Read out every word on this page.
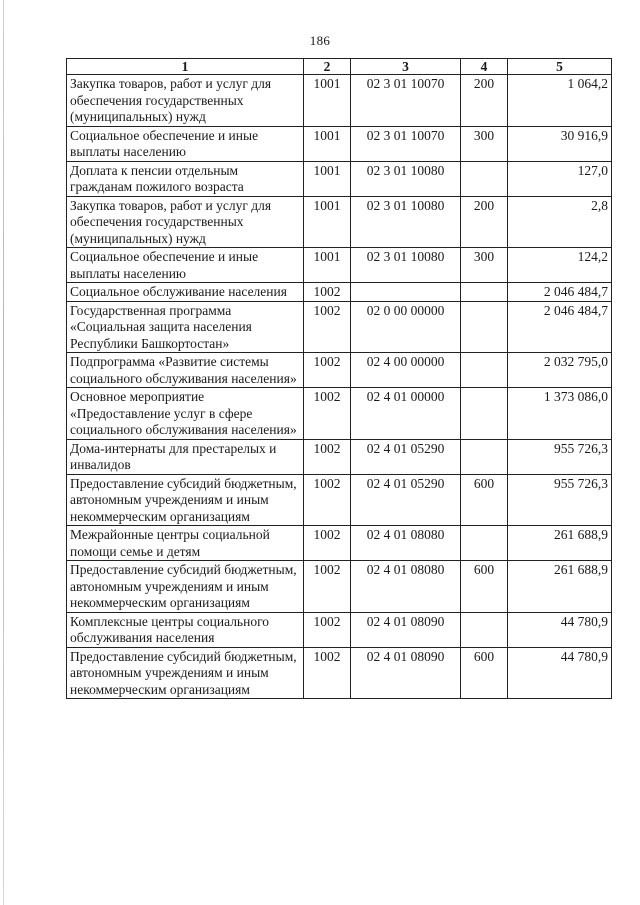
186
1	2	3	4	5
Закупка товаров, работ и услуг для обеспечения государственных (муниципальных) нужд	1001	02 3 01 10070	200	1 064,2
Социальное обеспечение и иные выплаты населению	1001	02 3 01 10070	300	30 916,9
Доплата к пенсии отдельным гражданам пожилого возраста	1001	02 3 01 10080		127,0
Закупка товаров, работ и услуг для обеспечения государственных (муниципальных) нужд	1001	02 3 01 10080	200	2,8
Социальное обеспечение и иные выплаты населению	1001	02 3 01 10080	300	124,2
Социальное обслуживание населения	1002			2 046 484,7
Государственная программа «Социальная защита населения Республики Башкортостан»	1002	02 0 00 00000		2 046 484,7
Подпрограмма «Развитие системы социального обслуживания населения»	1002	02 4 00 00000		2 032 795,0
Основное мероприятие «Предоставление услуг в сфере социального обслуживания населения»	1002	02 4 01 00000		1 373 086,0
Дома-интернаты для престарелых и инвалидов	1002	02 4 01 05290		955 726,3
Предоставление субсидий бюджетным, автономным учреждениям и иным некоммерческим организациям	1002	02 4 01 05290	600	955 726,3
Межрайонные центры социальной помощи семье и детям	1002	02 4 01 08080		261 688,9
Предоставление субсидий бюджетным, автономным учреждениям и иным некоммерческим организациям	1002	02 4 01 08080	600	261 688,9
Комплексные центры социального обслуживания населения	1002	02 4 01 08090		44 780,9
Предоставление субсидий бюджетным, автономным учреждениям и иным некоммерческим организациям	1002	02 4 01 08090	600	44 780,9
